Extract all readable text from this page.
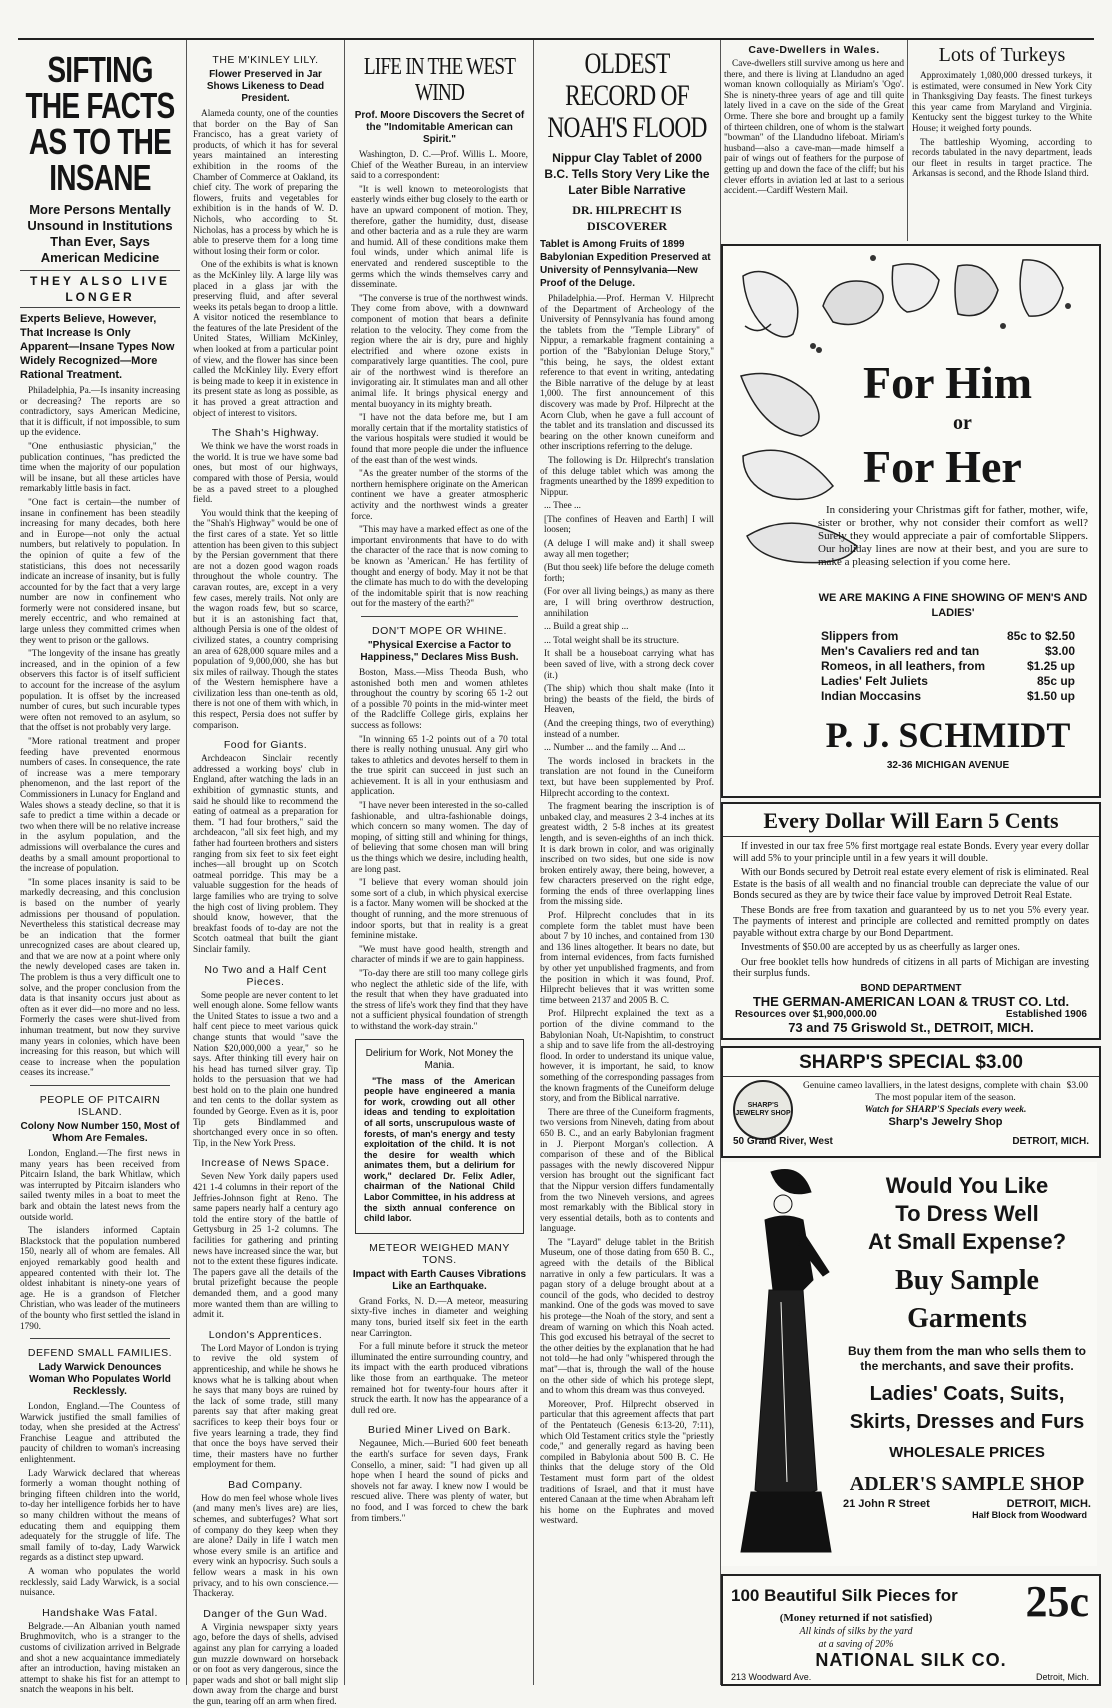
SIFTING THE FACTS AS TO THE INSANE
More Persons Mentally Unsound in Institutions Than Ever, Says American Medicine
THEY ALSO LIVE LONGER
Experts Believe, However, That Increase Is Only Apparent—Insane Types Now Widely Recognized—More Rational Treatment.

Philadelphia, Pa.—Is insanity increasing or decreasing? The reports are so contradictory, says American Medicine, that it is difficult, if not impossible, to sum up the evidence.

"One enthusiastic physician," the publication continues, "has predicted the time when the majority of our population will be insane, but all these articles have remarkably little basis in fact.

"One fact is certain—the number of insane in confinement has been steadily increasing for many decades, both here and in Europe—not only the actual numbers, but relatively to population. In the opinion of quite a few of the statisticians, this does not necessarily indicate an increase of insanity, but is fully accounted for by the fact that a very large number are now in confinement who formerly were not considered insane, but merely eccentric, and who remained at large unless they committed crimes when they went to prison or the gallows.

"The longevity of the insane has greatly increased, and in the opinion of a few observers this factor is of itself sufficient to account for the increase of the asylum population. It is offset by the increased number of cures, but such incurable types were often not removed to an asylum, so that the offset is not probably very large.

"More rational treatment and proper feeding have prevented enormous numbers of cases. In consequence, the rate of increase was a mere temporary phenomenon, and the last report of the Commissioners in Lunacy for England and Wales shows a steady decline, so that it is safe to predict a time within a decade or two when there will be no relative increase in the asylum population, and the admissions will overbalance the cures and deaths by a small amount proportional to the increase of population.

"In some places insanity is said to be markedly decreasing, and this conclusion is based on the number of yearly admissions per thousand of population. Nevertheless this statistical decrease may be an indication that the former unrecognized cases are about cleared up, and that we are now at a point where only the newly developed cases are taken in. The problem is thus a very difficult one to solve, and the proper conclusion from the data is that insanity occurs just about as often as it ever did—no more and no less. Formerly the cases were shut-lived from inhuman treatment, but now they survive many years in colonies, which have been increasing for this reason, but which will cease to increase when the population ceases its increase."

PEOPLE OF PITCAIRN ISLAND.
Colony Now Number 150, Most of Whom Are Females.

London, England.—The first news in many years has been received from Pitcairn Island, the bark Whitlaw, which was interrupted by Pitcairn islanders who sailed twenty miles in a boat to meet the bark and obtain the latest news from the outside world.

The islanders informed Captain Blackstock that the population numbered 150, nearly all of whom are females. All enjoyed remarkably good health and appeared contented with their lot. The oldest inhabitant is ninety-one years of age. He is a grandson of Fletcher Christian, who was leader of the mutineers of the bounty who first settled the island in 1790.

DEFEND SMALL FAMILIES.
Lady Warwick Denounces Woman Who Populates World Recklessly.

London, England.—The Countess of Warwick justified the small families of today, when she presided at the Actress' Franchise League and attributed the paucity of children to woman's increasing enlightenment.

Lady Warwick declared that whereas formerly a woman thought nothing of bringing fifteen children into the world, to-day her intelligence forbids her to have so many children without the means of educating them and equipping them adequately for the struggle of life. The small family of to-day, Lady Warwick regards as a distinct step upward.

A woman who populates the world recklessly, said Lady Warwick, is a social nuisance.

Handshake Was Fatal.

Belgrade.—An Albanian youth named Brughmovitch, who is a stranger to the customs of civilization arrived in Belgrade and shot a new acquaintance immediately after an introduction, having mistaken an attempt to shake his fist for an attempt to snatch the weapons in his belt.

THE M'KINLEY LILY.
Flower Preserved in Jar Shows Likeness to Dead President.

Alameda county, one of the counties that border on the Bay of San Francisco, has a great variety of products, of which it has for several years maintained an interesting exhibition in the rooms of the Chamber of Commerce at Oakland, its chief city. The work of preparing the flowers, fruits and vegetables for exhibition is in the hands of W. D. Nichols, who according to St. Nicholas, has a process by which he is able to preserve them for a long time without losing their form or color.

One of the exhibits is what is known as the McKinley lily. A large lily was placed in a glass jar with the preserving fluid, and after several weeks its petals began to droop a little. A visitor noticed the resemblance to the features of the late President of the United States, William McKinley, when looked at from a particular point of view, and the flower has since been called the McKinley lily. Every effort is being made to keep it in existence in its present state as long as possible, as it has proved a great attraction and object of interest to visitors.

The Shah's Highway.

We think we have the worst roads in the world. It is true we have some bad ones, but most of our highways, compared with those of Persia, would be as a paved street to a ploughed field.

You would think that the keeping of the "Shah's Highway" would be one of the first cares of a state. Yet so little attention has been given to this subject by the Persian government that there are not a dozen good wagon roads throughout the whole country. The caravan routes, are, except in a very few cases, merely trails. Not only are the wagon roads few, but so scarce, but it is an astonishing fact that, although Persia is one of the oldest of civilized states, a country comprising an area of 628,000 square miles and a population of 9,000,000, she has but six miles of railway. Though the states of the Western hemisphere have a civilization less than one-tenth as old, there is not one of them with which, in this respect, Persia does not suffer by comparison.

Food for Giants.

Archdeacon Sinclair recently addressed a working boys' club in England, after watching the lads in an exhibition of gymnastic stunts, and said he should like to recommend the eating of oatmeal as a preparation for them. "I had four brothers," said the archdeacon, "all six feet high, and my father had fourteen brothers and sisters ranging from six feet to six feet eight inches—all brought up on Scotch oatmeal porridge. This may be a valuable suggestion for the heads of large families who are trying to solve the high cost of living problem. They should know, however, that the breakfast foods of to-day are not the Scotch oatmeal that built the giant Sinclair family.

No Two and a Half Cent Pieces.

Some people are never content to let well enough alone. Some fellow wants the United States to issue a two and a half cent piece to meet various quick change stunts that would "save the Nation $20,000,000 a year," so he says. After thinking till every hair on his head has turned silver gray. Tip holds to the persuasion that we had best hold on to the plain one hundred and ten cents to the dollar system as founded by George. Even as it is, poor Tip gets Bindlammed and shortchanged every once in so often. Tip, in the New York Press.

Increase of News Space.

Seven New York daily papers used 421 1-4 columns in their report of the Jeffries-Johnson fight at Reno. The same papers nearly half a century ago told the entire story of the battle of Gettysburg in 25 1-2 columns. The facilities for gathering and printing news have increased since the war, but not to the extent these figures indicate. The papers gave all the details of the brutal prizefight because the people demanded them, and a good many more wanted them than are willing to admit it.

London's Apprentices.

The Lord Mayor of London is trying to revive the old system of apprenticeship, and while he shows he knows what he is talking about when he says that many boys are ruined by the lack of some trade, still many parents say that after making great sacrifices to keep their boys four or five years learning a trade, they find that once the boys have served their time, their masters have no further employment for them.

Bad Company.

How do men feel whose whole lives (and many men's lives are) are lies, schemes, and subterfuges? What sort of company do they keep when they are alone? Daily in life I watch men whose every smile is an artifice and every wink an hypocrisy. Such souls a fellow wears a mask in his own privacy, and to his own conscience.—Thackeray.

Danger of the Gun Wad.

A Virginia newspaper sixty years ago, before the days of shells, advised against any plan for carrying a loaded gun muzzle downward on horseback or on foot as very dangerous, since the paper wads and shot or ball might slip down away from the charge and burst the gun, tearing off an arm when fired.

LIFE IN THE WEST WIND
Prof. Moore Discovers the Secret of the "Indomitable American can Spirit."

Washington, D. C.—Prof. Willis L. Moore, Chief of the Weather Bureau, in an interview said to a correspondent:

"It is well known to meteorologists that easterly winds either bug closely to the earth or have an upward component of motion. They, therefore, gather the humidity, dust, disease and other bacteria and as a rule they are warm and humid. All of these conditions make them foul winds, under which animal life is enervated and rendered susceptible to the germs which the winds themselves carry and disseminate.

"The converse is true of the northwest winds. They come from above, with a downward component of motion that bears a definite relation to the velocity. They come from the region where the air is dry, pure and highly electrified and where ozone exists in comparatively large quantities. The cool, pure air of the northwest wind is therefore an invigorating air. It stimulates man and all other animal life. It brings physical energy and mental buoyancy in its mighty breath.

"I have not the data before me, but I am morally certain that if the mortality statistics of the various hospitals were studied it would be found that more people die under the influence of the east than of the west winds.

"As the greater number of the storms of the northern hemisphere originate on the American continent we have a greater atmospheric activity and the northwest winds a greater force.

"This may have a marked effect as one of the important environments that have to do with the character of the race that is now coming to be known as 'American.' He has fertility of thought and energy of body. May it not be that the climate has much to do with the developing of the indomitable spirit that is now reaching out for the mastery of the earth?"

DON'T MOPE OR WHINE.
"Physical Exercise a Factor to Happiness," Declares Miss Bush.

Boston, Mass.—Miss Theoda Bush, who astonished both men and women athletes throughout the country by scoring 65 1-2 out of a possible 70 points in the mid-winter meet of the Radcliffe College girls, explains her success as follows:

"In winning 65 1-2 points out of a 70 total there is really nothing unusual. Any girl who takes to athletics and devotes herself to them in the true spirit can succeed in just such an achievement. It is all in your enthusiasm and application.

"I have never been interested in the so-called fashionable, and ultra-fashionable doings, which concern so many women. The day of moping, of sitting still and whining for things, of believing that some chosen man will bring us the things which we desire, including health, are long past.

"I believe that every woman should join some sort of a club, in which physical exercise is a factor. Many women will be shocked at the thought of running, and the more strenuous of indoor sports, but that in reality is a great feminine mistake.

"We must have good health, strength and character of minds if we are to gain happiness.

"To-day there are still too many college girls who neglect the athletic side of the life, with the result that when they have graduated into the stress of life's work they find that they have not a sufficient physical foundation of strength to withstand the work-day strain."

Delirium for Work, Not Money the Mania.

"The mass of the American people have engineered a mania for work, crowding out all other ideas and tending to exploitation of all sorts, unscrupulous waste of forests, of man's energy and testy exploitation of the child. It is not the desire for wealth which animates them, but a delirium for work," declared Dr. Felix Adler, chairman of the National Child Labor Committee, in his address at the sixth annual conference on child labor.

METEOR WEIGHED MANY TONS.
Impact with Earth Causes Vibrations Like an Earthquake.

Grand Forks, N. D.—A meteor, measuring sixty-five inches in diameter and weighing many tons, buried itself six feet in the earth near Carrington.

For a full minute before it struck the meteor illuminated the entire surrounding country, and its impact with the earth produced vibrations like those from an earthquake. The meteor remained hot for twenty-four hours after it struck the earth. It now has the appearance of a dull red ore.

Buried Miner Lived on Bark.

Negaunee, Mich.—Buried 600 feet beneath the earth's surface for seven days, Frank Consello, a miner, said: "I had given up all hope when I heard the sound of picks and shovels not far away. I knew now I would be rescued alive. There was plenty of water, but no food, and I was forced to chew the bark from timbers."

OLDEST RECORD OF NOAH'S FLOOD
Nippur Clay Tablet of 2000 B.C. Tells Story Very Like the Later Bible Narrative
DR. HILPRECHT IS DISCOVERER
Tablet is Among Fruits of 1899 Babylonian Expedition Preserved at University of Pennsylvania—New Proof of the Deluge.

Philadelphia.—Prof. Herman V. Hilprecht of the Department of Archeology of the University of Pennsylvania has found among the tablets from the "Temple Library" of Nippur, a remarkable fragment containing a portion of the "Babylonian Deluge Story," "this being, he says, the oldest extant reference to that event in writing, antedating the Bible narrative of the deluge by at least 1,000. The first announcement of this discovery was made by Prof. Hilprecht at the Acorn Club, when he gave a full account of the tablet and its translation and discussed its bearing on the other known cuneiform and other inscriptions referring to the deluge.

The following is Dr. Hilprecht's translation of this deluge tablet which was among the fragments unearthed by the 1899 expedition to Nippur.

... Thee ...

[The confines of Heaven and Earth] I will loosen;

(A deluge I will make and) it shall sweep away all men together;

(But thou seek) life before the deluge cometh forth;

(For over all living beings,) as many as there are, I will bring overthrow destruction, annihilation

... Build a great ship ...

... Total weight shall be its structure.

It shall be a houseboat carrying what has been saved of live, with a strong deck cover (it.)

(The ship) which thou shalt make (Into it bring) the beasts of the field, the birds of Heaven,

(And the creeping things, two of everything) instead of a number.

... Number ... and the family ... And ...

The words inclosed in brackets in the translation are not found in the Cuneiform text, but have been supplemented by Prof. Hilprecht according to the context.

The fragment bearing the inscription is of unbaked clay, and measures 2 3-4 inches at its greatest width, 2 5-8 inches at its greatest length, and is seven-eighths of an inch thick. It is dark brown in color, and was originally inscribed on two sides, but one side is now broken entirely away, there being, however, a few characters preserved on the right edge, forming the ends of three overlapping lines from the missing side.

Prof. Hilprecht concludes that in its complete form the tablet must have been about 7 by 10 inches, and contained from 130 and 136 lines altogether. It bears no date, but from internal evidences, from facts furnished by other yet unpublished fragments, and from the position in which it was found, Prof. Hilprecht believes that it was written some time between 2137 and 2005 B. C.

Prof. Hilprecht explained the text as a portion of the divine command to the Babylonian Noah, Ut-Napishtim, to construct a ship and to save life from the all-destroying flood. In order to understand its unique value, however, it is important, he said, to know something of the corresponding passages from the known fragments of the Cuneiform deluge story, and from the Biblical narrative.

There are three of the Cuneiform fragments, two versions from Nineveh, dating from about 650 B. C., and an early Babylonian fragment in J. Pierpont Morgan's collection. A comparison of these and of the Biblical passages with the newly discovered Nippur version has brought out the significant fact that the Nippur version differs fundamentally from the two Nineveh versions, and agrees most remarkably with the Biblical story in very essential details, both as to contents and language.

The "Layard" deluge tablet in the British Museum, one of those dating from 650 B. C., agreed with the details of the Biblical narrative in only a few particulars. It was a pagan story of a deluge brought about at a council of the gods, who decided to destroy mankind. One of the gods was moved to save his protege—the Noah of the story, and sent a dream of warning on which this Noah acted. This god excused his betrayal of the secret to the other deities by the explanation that he had not told—he had only "whispered through the mat"—that is, through the wall of the house on the other side of which his protege slept, and to whom this dream was thus conveyed.

Moreover, Prof. Hilprecht observed in particular that this agreement affects that part of the Pentateuch (Genesis 6:13-20, 7:11), which Old Testament critics style the "priestly code," and generally regard as having been compiled in Babylonia about 500 B. C. He thinks that the deluge story of the Old Testament must form part of the oldest traditions of Israel, and that it must have entered Canaan at the time when Abraham left his home on the Euphrates and moved westward.

Cave-Dwellers in Wales.

Cave-dwellers still survive among us here and there, and there is living at Llandudno an aged woman known colloquially as Miriam's 'Ogo'. She is ninety-three years of age and till quite lately lived in a cave on the side of the Great Orme. There she bore and brought up a family of thirteen children, one of whom is the stalwart "bowman" of the Llandudno lifeboat. Miriam's husband—also a cave-man—made himself a pair of wings out of feathers for the purpose of getting up and down the face of the cliff; but his clever efforts in aviation led at last to a serious accident.—Cardiff Western Mail.

Lots of Turkeys

Approximately 1,080,000 dressed turkeys, it is estimated, were consumed in New York City in Thanksgiving Day feasts. The finest turkeys this year came from Maryland and Virginia. Kentucky sent the biggest turkey to the White House; it weighed forty pounds.

The battleship Wyoming, according to records tabulated in the navy department, leads our fleet in results in target practice. The Arkansas is second, and the Rhode Island third.

For Him
or
For Her

In considering your Christmas gift for father, mother, wife, sister or brother, why not consider their comfort as well? Surely they would appreciate a pair of comfortable Slippers. Our holiday lines are now at their best, and you are sure to make a pleasing selection if you come here.

WE ARE MAKING A FINE SHOWING OF MEN'S AND LADIES'
Slippers from	85c to $2.50
Men's Cavaliers red and tan	$3.00
Romeos, in all leathers, from	$1.25 up
Ladies' Felt Juliets	85c up
Indian Moccasins	$1.50 up
P. J. SCHMIDT
32-36 MICHIGAN AVENUE
Every Dollar Will Earn 5 Cents

If invested in our tax free 5% first mortgage real estate Bonds. Every year every dollar will add 5% to your principle until in a few years it will double.

With our Bonds secured by Detroit real estate every element of risk is eliminated. Real Estate is the basis of all wealth and no financial trouble can depreciate the value of our Bonds secured as they are by twice their face value by improved Detroit Real Estate.

These Bonds are free from taxation and guaranteed by us to net you 5% every year. The payments of interest and principle are collected and remitted promptly on dates payable without extra charge by our Bond Department.

Investments of $50.00 are accepted by us as cheerfully as larger ones.

Our free booklet tells how hundreds of citizens in all parts of Michigan are investing their surplus funds.

BOND DEPARTMENT
THE GERMAN-AMERICAN LOAN & TRUST CO. Ltd.
Resources over $1,900,000.00	Established 1906
73 and 75 Griswold St., DETROIT, MICH.
SHARP'S SPECIAL $3.00
SHARP'S JEWELRY SHOP
Genuine cameo lavalliers, in the latest designs, complete with chain $3.00
The most popular item of the season.
Watch for SHARP'S Specials every week.
Sharp's Jewelry Shop
50 Grand River, West	DETROIT, MICH.
Would You Like
To Dress Well
At Small Expense?
Buy Sample Garments
Buy them from the man who sells them to the merchants, and save their profits.
Ladies' Coats, Suits, Skirts, Dresses and Furs
WHOLESALE PRICES
ADLER'S SAMPLE SHOP
21 John R Street	DETROIT, MICH.
Half Block from Woodward
100 Beautiful Silk Pieces for 25c
(Money returned if not satisfied)
All kinds of silks by the yard
at a saving of 20%
NATIONAL SILK CO.
213 Woodward Ave.	Detroit, Mich.
